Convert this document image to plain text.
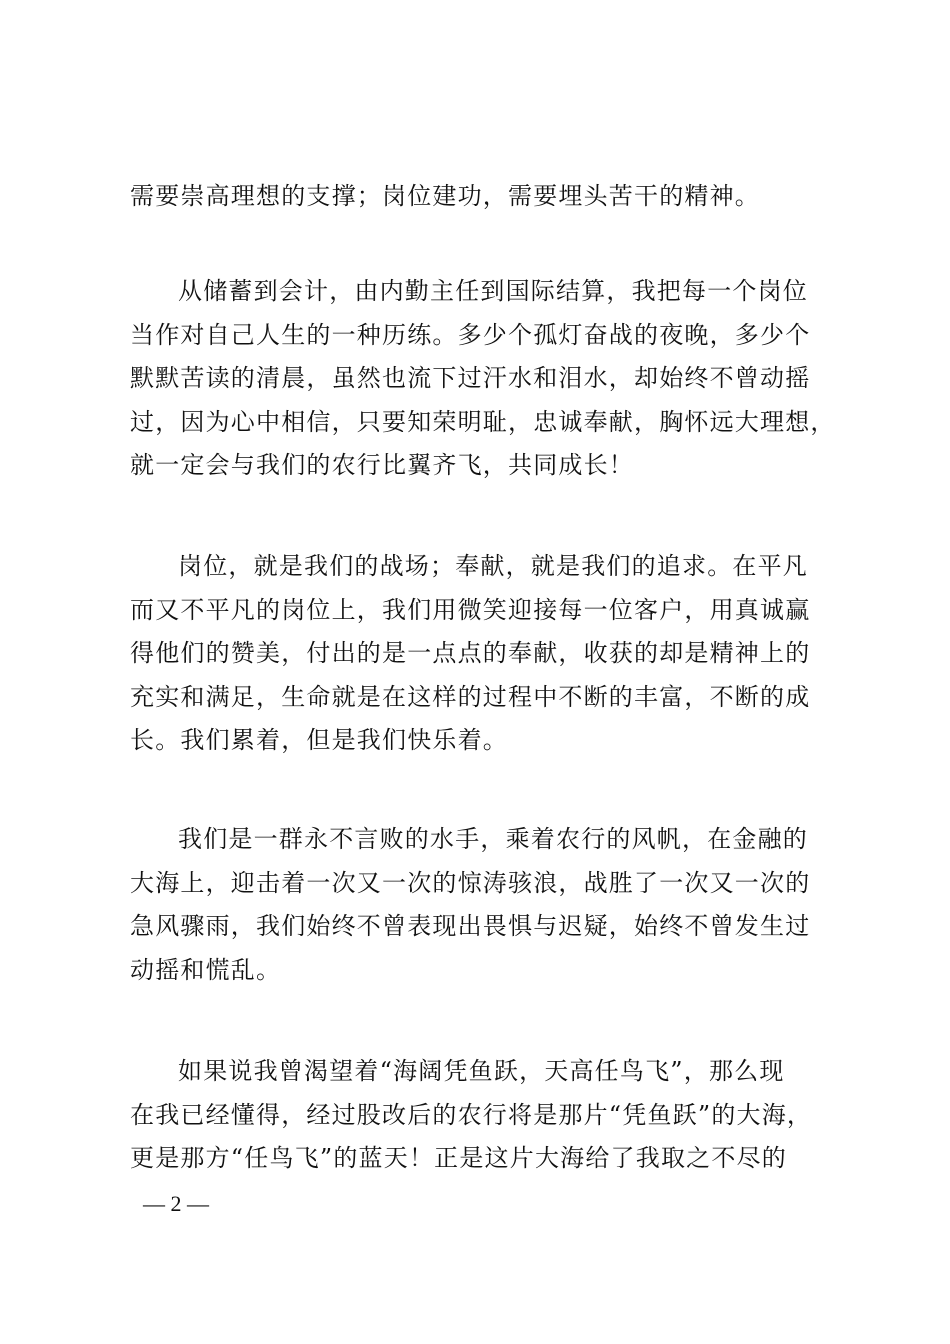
需要崇高理想的支撑；岗位建功，需要埋头苦干的精神。

从储蓄到会计，由内勤主任到国际结算，我把每一个岗位
当作对自己人生的一种历练。多少个孤灯奋战的夜晚，多少个
默默苦读的清晨，虽然也流下过汗水和泪水，却始终不曾动摇
过，因为心中相信，只要知荣明耻，忠诚奉献，胸怀远大理想，
就一定会与我们的农行比翼齐飞，共同成长！

岗位，就是我们的战场；奉献，就是我们的追求。在平凡
而又不平凡的岗位上，我们用微笑迎接每一位客户，用真诚赢
得他们的赞美，付出的是一点点的奉献，收获的却是精神上的
充实和满足，生命就是在这样的过程中不断的丰富，不断的成
长。我们累着，但是我们快乐着。

我们是一群永不言败的水手，乘着农行的风帆，在金融的
大海上，迎击着一次又一次的惊涛骇浪，战胜了一次又一次的
急风骤雨，我们始终不曾表现出畏惧与迟疑，始终不曾发生过
动摇和慌乱。

如果说我曾渴望着“海阔凭鱼跃，天高任鸟飞”，那么现
在我已经懂得，经过股改后的农行将是那片“凭鱼跃”的大海，
更是那方“任鸟飞”的蓝天！正是这片大海给了我取之不尽的

— 2 —
